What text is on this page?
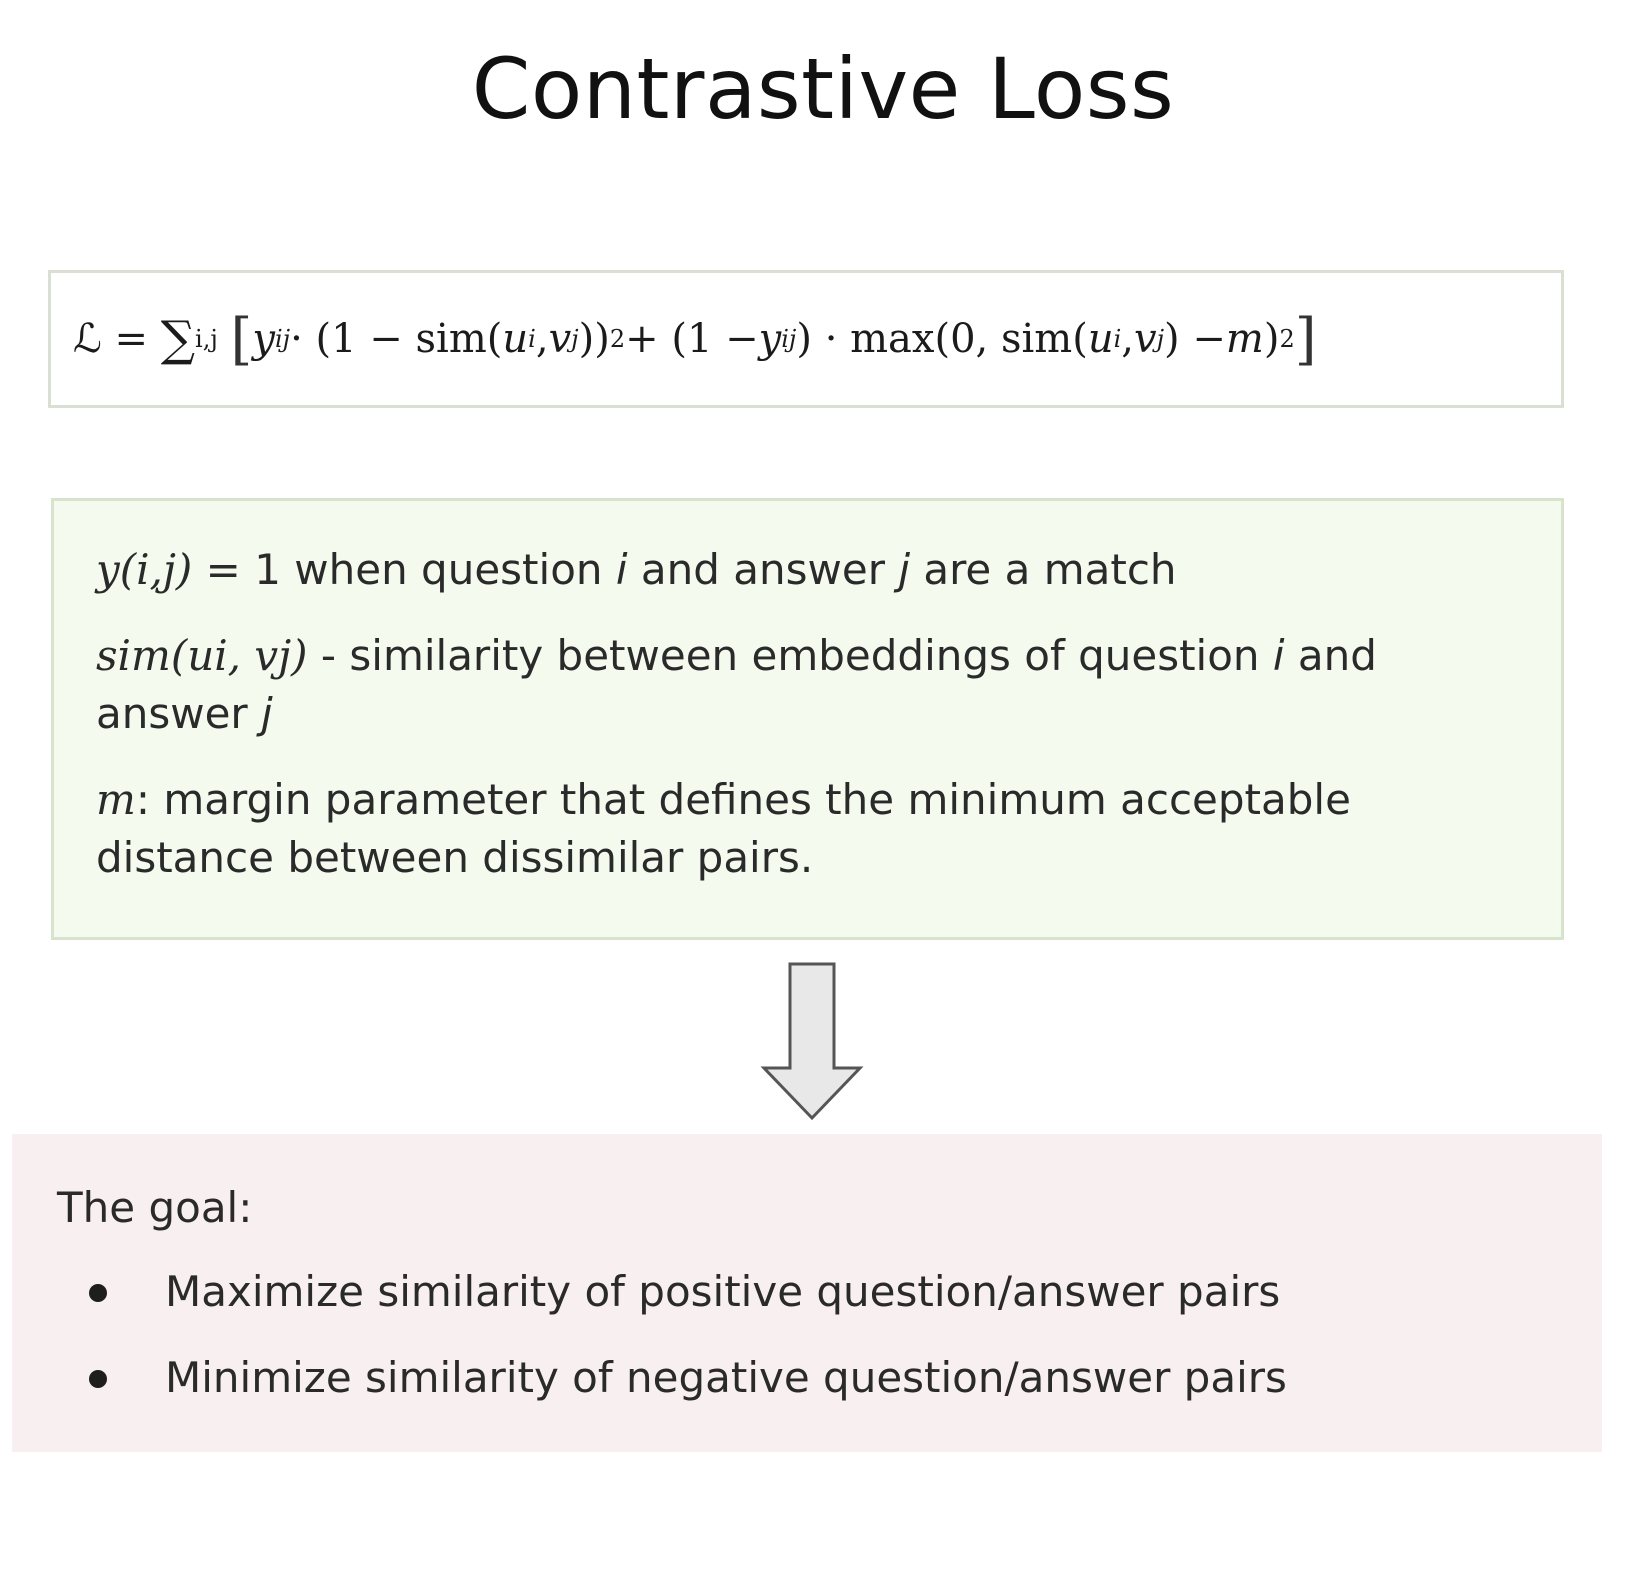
Contrastive Loss
ℒ
=
∑ i,j
[ y ij · (1 − sim( u i , v j )) 2 + (1 − y ij ) · max(0, sim( u i , v j ) − m ) 2 ]

y(i,j) = 1 when question i and answer j are a match

sim(ui, vj) - similarity between embeddings of question i and answer j

m: margin parameter that defines the minimum acceptable distance between dissimilar pairs.

The goal:
Maximize similarity of positive question/answer pairs
Minimize similarity of negative question/answer pairs
